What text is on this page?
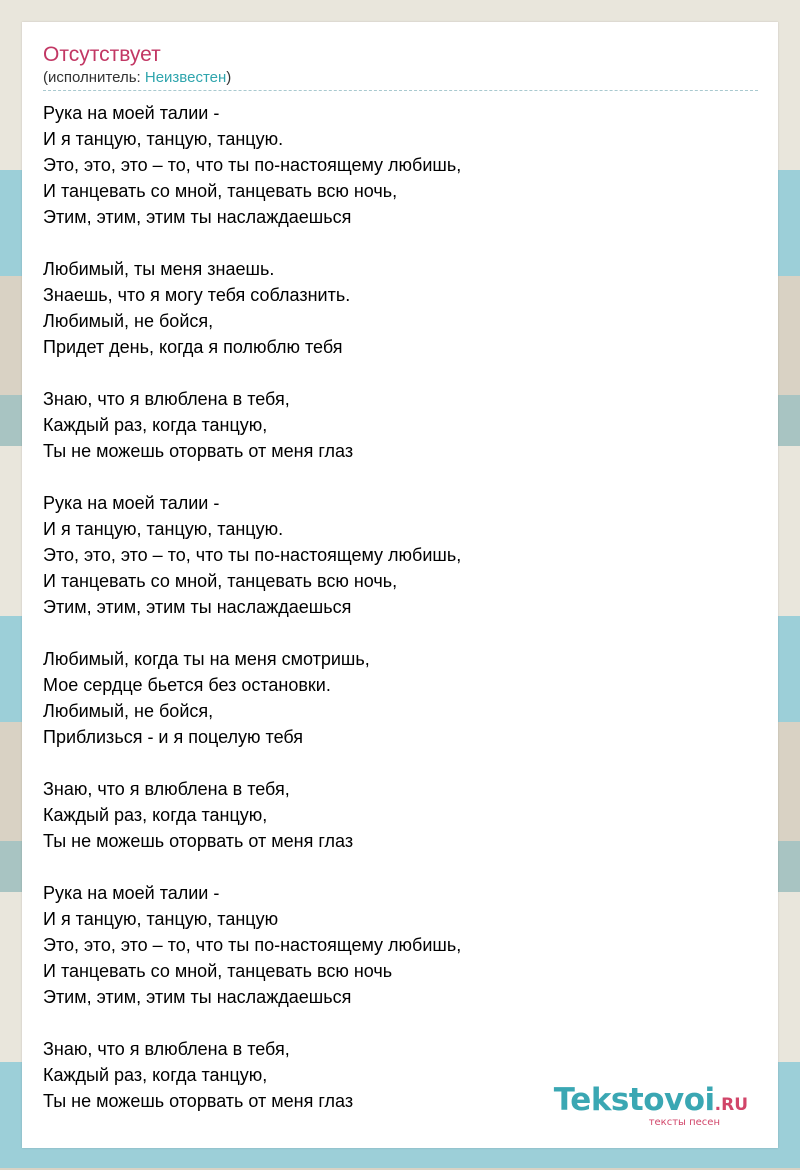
Отсутствует

(исполнитель: Неизвестен)

Рука на моей талии -
И я танцую, танцую, танцую.
Это, это, это – то, что ты по-настоящему любишь,
И танцевать со мной, танцевать всю ночь,
Этим, этим, этим ты наслаждаешься
Любимый, ты меня знаешь.
Знаешь, что я могу тебя соблазнить.
Любимый, не бойся,
Придет день, когда я полюблю тебя
Знаю, что я влюблена в тебя,
Каждый раз, когда танцую,
Ты не можешь оторвать от меня глаз
Рука на моей талии -
И я танцую, танцую, танцую.
Это, это, это – то, что ты по-настоящему любишь,
И танцевать со мной, танцевать всю ночь,
Этим, этим, этим ты наслаждаешься
Любимый, когда ты на меня смотришь,
Мое сердце бьется без остановки.
Любимый, не бойся,
Приблизься - и я поцелую тебя
Знаю, что я влюблена в тебя,
Каждый раз, когда танцую,
Ты не можешь оторвать от меня глаз
Рука на моей талии -
И я танцую, танцую, танцую
Это, это, это – то, что ты по-настоящему любишь,
И танцевать со мной, танцевать всю ночь
Этим, этим, этим ты наслаждаешься
Знаю, что я влюблена в тебя,
Каждый раз, когда танцую,
Ты не можешь оторвать от меня глаз	Tekstovoi.RU
тексты песен
